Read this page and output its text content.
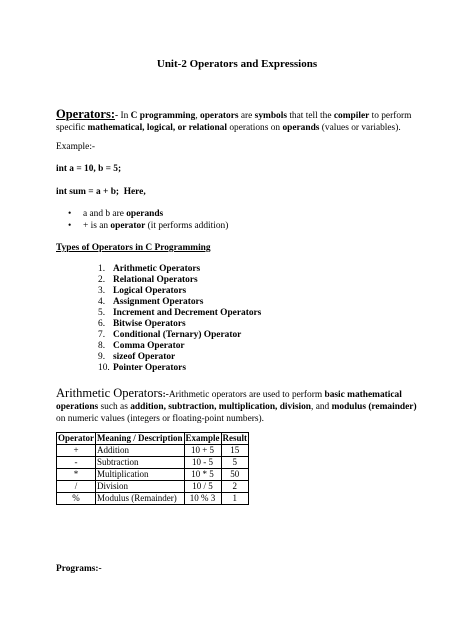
Unit-2 Operators and Expressions
Operators:- In C programming, operators are symbols that tell the compiler to perform specific mathematical, logical, or relational operations on operands (values or variables).
Example:-
int a = 10, b = 5;
int sum = a + b;  Here,
• a and b are operands
• + is an operator (it performs addition)
Types of Operators in C Programming
1. Arithmetic Operators
2. Relational Operators
3. Logical Operators
4. Assignment Operators
5. Increment and Decrement Operators
6. Bitwise Operators
7. Conditional (Ternary) Operator
8. Comma Operator
9. sizeof Operator
10. Pointer Operators
Arithmetic Operators:-Arithmetic operators are used to perform basic mathematical operations such as addition, subtraction, multiplication, division, and modulus (remainder) on numeric values (integers or floating-point numbers).
Operator	Meaning / Description	Example	Result
+	Addition	10 + 5	15
-	Subtraction	10 - 5	5
*	Multiplication	10 * 5	50
/	Division	10 / 5	2
%	Modulus (Remainder)	10 % 3	1
Programs:-
